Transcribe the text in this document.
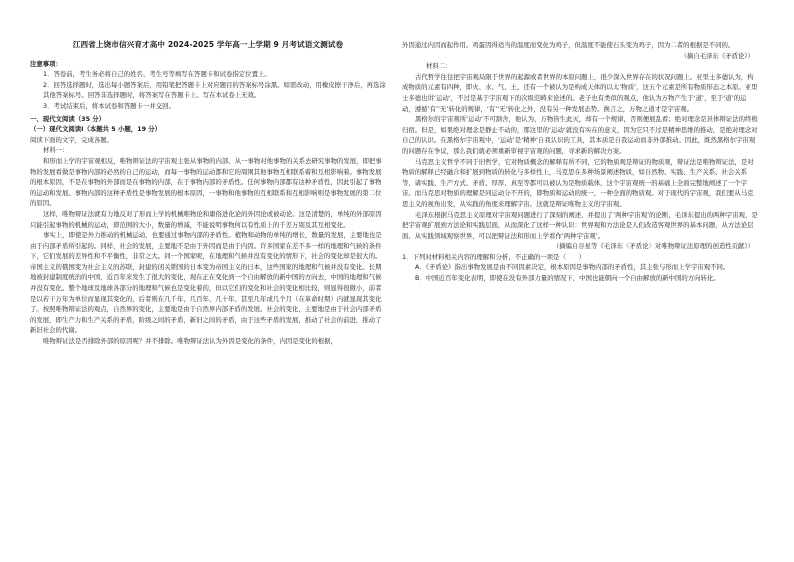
江西省上饶市信兴育才高中 2024-2025 学年高一上学期 9 月考试语文测试卷

注意事项：

1．答卷前，考生务必将自己的姓名、考生号等填写在答题卡和试卷指定位置上。

2．回答选择题时，选出每小题答案后，用铅笔把答题卡上对应题目的答案标号涂黑。如需改动，用橡皮擦干净后，再选涂其他答案标号。回答非选择题时，将答案写在答题卡上。写在本试卷上无效。

3．考试结束后，将本试卷和答题卡一并交回。

一、现代文阅读（35 分）

（一）现代文阅读Ⅰ（本题共 5 小题，19 分）

阅读下面的文字，完成各题。

材料一：

和形而上学的宇宙观相反，唯物辩证法的宇宙观主张从事物的内部、从一事物对他事物的关系去研究事物的发展，即把事物的发展看做是事物内部的必然的自己的运动，而每一事物的运动都和它的周围其他事物互相联系着和互相影响着。事物发展的根本原因，不是在事物的外部而是在事物的内部，在于事物内部的矛盾性。任何事物内部都有这种矛盾性，因此引起了事物的运动和发展。事物内部的这种矛盾性是事物发展的根本原因，一事物和他事物的互相联系和互相影响则是事物发展的第二位的原因。

这样，唯物辩证法就有力地反对了形而上学的机械唯物论和庸俗进化论的外因论或被动论。这是清楚的，单纯的外部原因只能引起事物的机械的运动，即范围的大小，数量的增减，不能说明事物何以有性质上的千差万别及其互相变化。

事实上，即使是外力推动的机械运动，也要通过事物内部的矛盾性。植物和动物的单纯的增长，数量的发展，主要地也是由于内部矛盾所引起的。同样，社会的发展，主要地不是由于外因而是由于内因。许多国家在差不多一样的地理和气候的条件下，它们发展的差异性和不平衡性，非常之大。同一个国家呢，在地理和气候并没有变化的情形下，社会的变化却是很大的。帝国主义的俄国变为社会主义的苏联，封建的闭关锁国的日本变为帝国主义的日本，这些国家的地理和气候并没有变化。长期地被封建制度统治的中国，近百年来发生了很大的变化，现在正在变化到一个自由解放的新中国的方向去，中国的地理和气候并没有变化。整个地球及地球各部分的地理和气候也是变化着的，但以它们的变化和社会的变化相比较，则显得很微小，前者是以若干万年为单位而显现其变化的，后者则在几千年、几百年、几十年、甚至几年或几个月（在革命时期）内就显现其变化了。按照唯物辩证法的观点，自然界的变化，主要地是由于自然界内部矛盾的发展。社会的变化，主要地是由于社会内部矛盾的发展，即生产力和生产关系的矛盾，阶级之间的矛盾，新旧之间的矛盾，由于这些矛盾的发展，推动了社会的前进，推动了新旧社会的代谢。

唯物辩证法是否排除外部的原因呢？并不排除。唯物辩证法认为外因是变化的条件，内因是变化的根据，

外因通过内因而起作用。鸡蛋因得适当的温度而变化为鸡子，但温度不能使石头变为鸡子，因为二者的根据是不同的。

（摘自毛泽东《矛盾论》）

材料二：

古代哲学往往把宇宙观局限于世界的起源或者世界的本原问题上，很少深入世界存在的状况问题上。亚里士多德认为，构成物质的元素有四种，即火、水、气、土，还有一个被认为是构成天体的以太‘物质’，这五个元素是所有物质形态之本原。亚里士多德也讲‘运动’，不过是基于宇宙观下的次级范畴来论述的。老子也有类似的观点，他认为万物产生于‘道’，至于‘道’的运动，遵循‘有’‘无’转化的规律，‘有’‘无’转化之外，没有另一种发展态势。换言之，万物之道才是宇宙观。

黑格尔的宇宙观所‘运动’不可割舍，他认为，万物皆生此灭，却有一个规律，否则便展乱看；绝对理念是具体辩证法的终极归宿。但是，如果绝对理念是静止不动的，那这里的‘运动’就没有实在的意义，因为它只不过是精神思维的推动，是绝对理念对自己的认识。在黑格尔宇宙观中，‘运动’是‘精神’自我认识的工具，其本质是自我运动而非外部推动。因此，既然黑格尔宇宙观的问题存在争议，那么我们就必须重新审视宇宙观的问题，寻求新的解决方案。

马克思主义哲学不同于旧哲学，它对物质概念的解释有所不同，它的物质观是辩证的物质观，辩证法是唯物辩证法，是对物质的解释已经融合和扩展到物质的转化与多样性上，马克思在多种场景阐述物质，如自然物、实践、生产关系、社会关系等，诸实践、生产方式、矛盾、厚厚、真至等都可以被认为是物质载体，这个宇宙观统一的基础上全面完整地阐述了一个宇宙。而马克思对物质的理解是同运动分不开的，即物质和运动的统一，一种全面的物质观。对于现代的宇宙观，我们要从马克思主义的视角出发，从实践的角度来理解宇宙。这就是辩证唯物主义的宇宙观。

毛泽东根据马克思主义原理对宇宙观问题进行了深刻的阐述，并提出了‘两种宇宙观’的论断，毛泽东提出的两种宇宙观，是把宇宙观扩展到方法论和实践层面，从而深化了这样一种认识：世界观和方法论是人们改造客观世界的基本问题，从方法论层面、从实践领域观察世界，可以把辩证法和形而上学看作‘两种宇宙观’。

（摘编自谷星等《毛泽东〈矛盾论〉对唯物辩证法原理的创造性贡献》）

1．下列对材料相关内容的理解和分析，不正确的一项是（　　）

A．《矛盾论》指出事物发展是由不同因素决定，根本原因是事物内部的矛盾性，其主张与形而上学宇宙观不同。

B．中国近百年变化表明，即使在没有外部力量的情况下，中国也能朝向一个自由解放的新中国的方向转化。
